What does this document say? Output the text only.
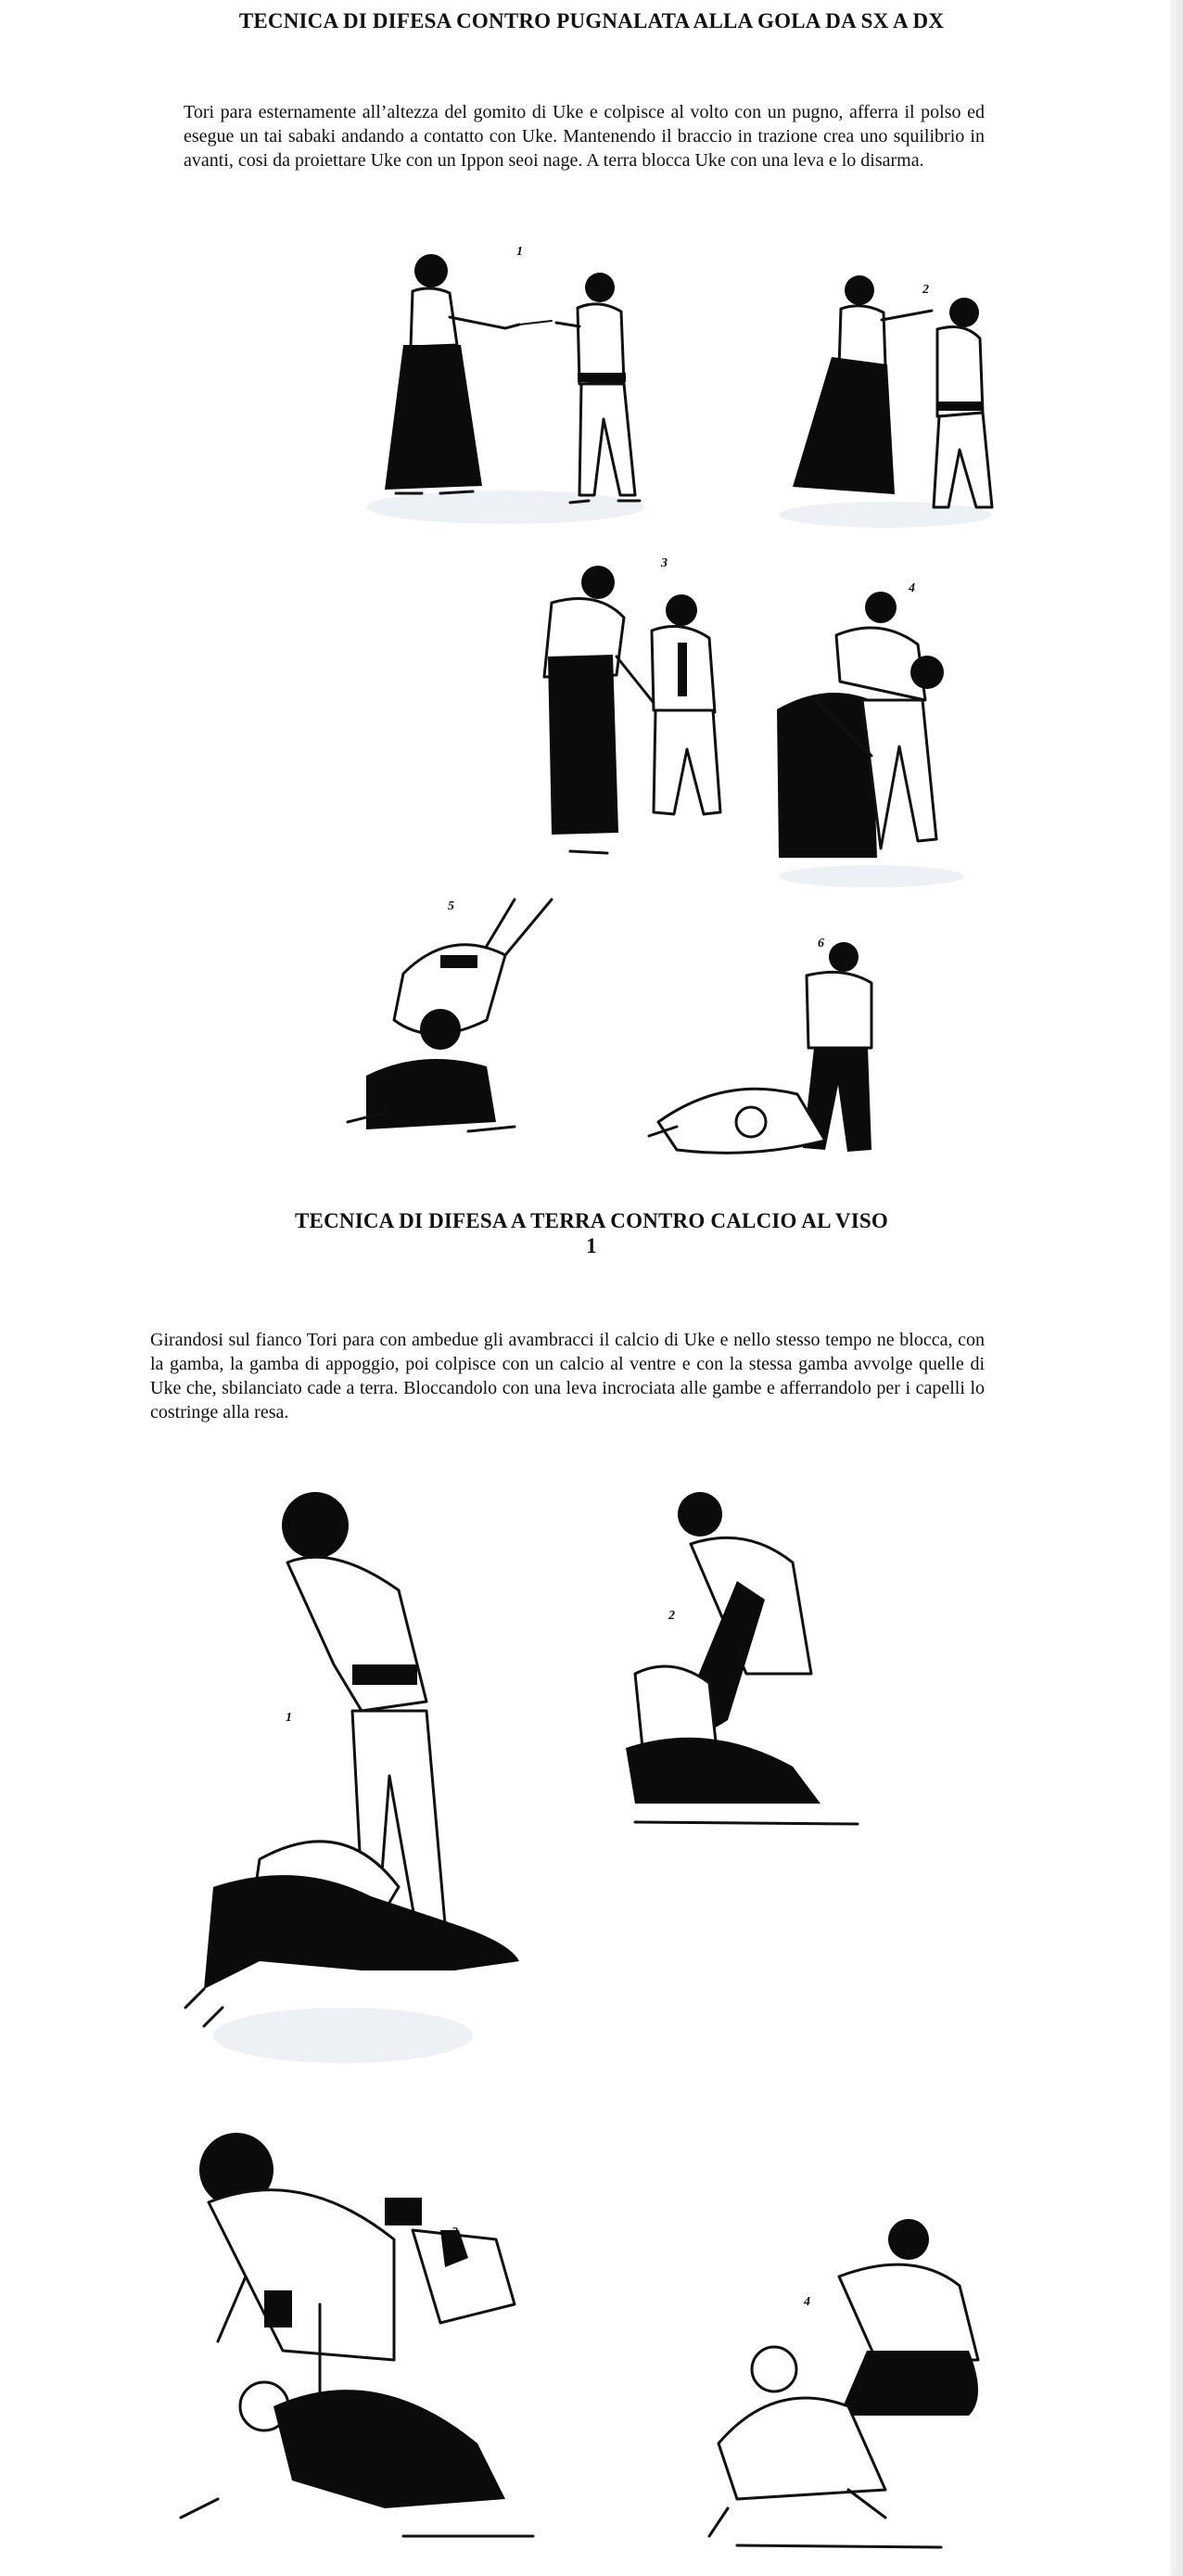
TECNICA DI DIFESA CONTRO PUGNALATA ALLA GOLA DA SX A DX
Tori para esternamente all’altezza del gomito di Uke e colpisce al volto con un pugno, afferra il polso ed esegue un tai sabaki andando a contatto con Uke. Mantenendo il braccio in trazione crea uno squilibrio in avanti, cosi da proiettare Uke con un Ippon seoi nage. A terra blocca Uke con una leva e lo disarma.
1
2
3
4
5
6
TECNICA DI DIFESA A TERRA CONTRO CALCIO AL VISO
1
Girandosi sul fianco Tori para con ambedue gli avambracci il calcio di Uke e nello stesso tempo ne blocca, con la gamba, la gamba di appoggio, poi colpisce con un calcio al ventre e con la stessa gamba avvolge quelle di Uke che, sbilanciato cade a terra. Bloccandolo con una leva incrociata alle gambe e afferrandolo per i capelli lo costringe alla resa.
1
2
3
4
